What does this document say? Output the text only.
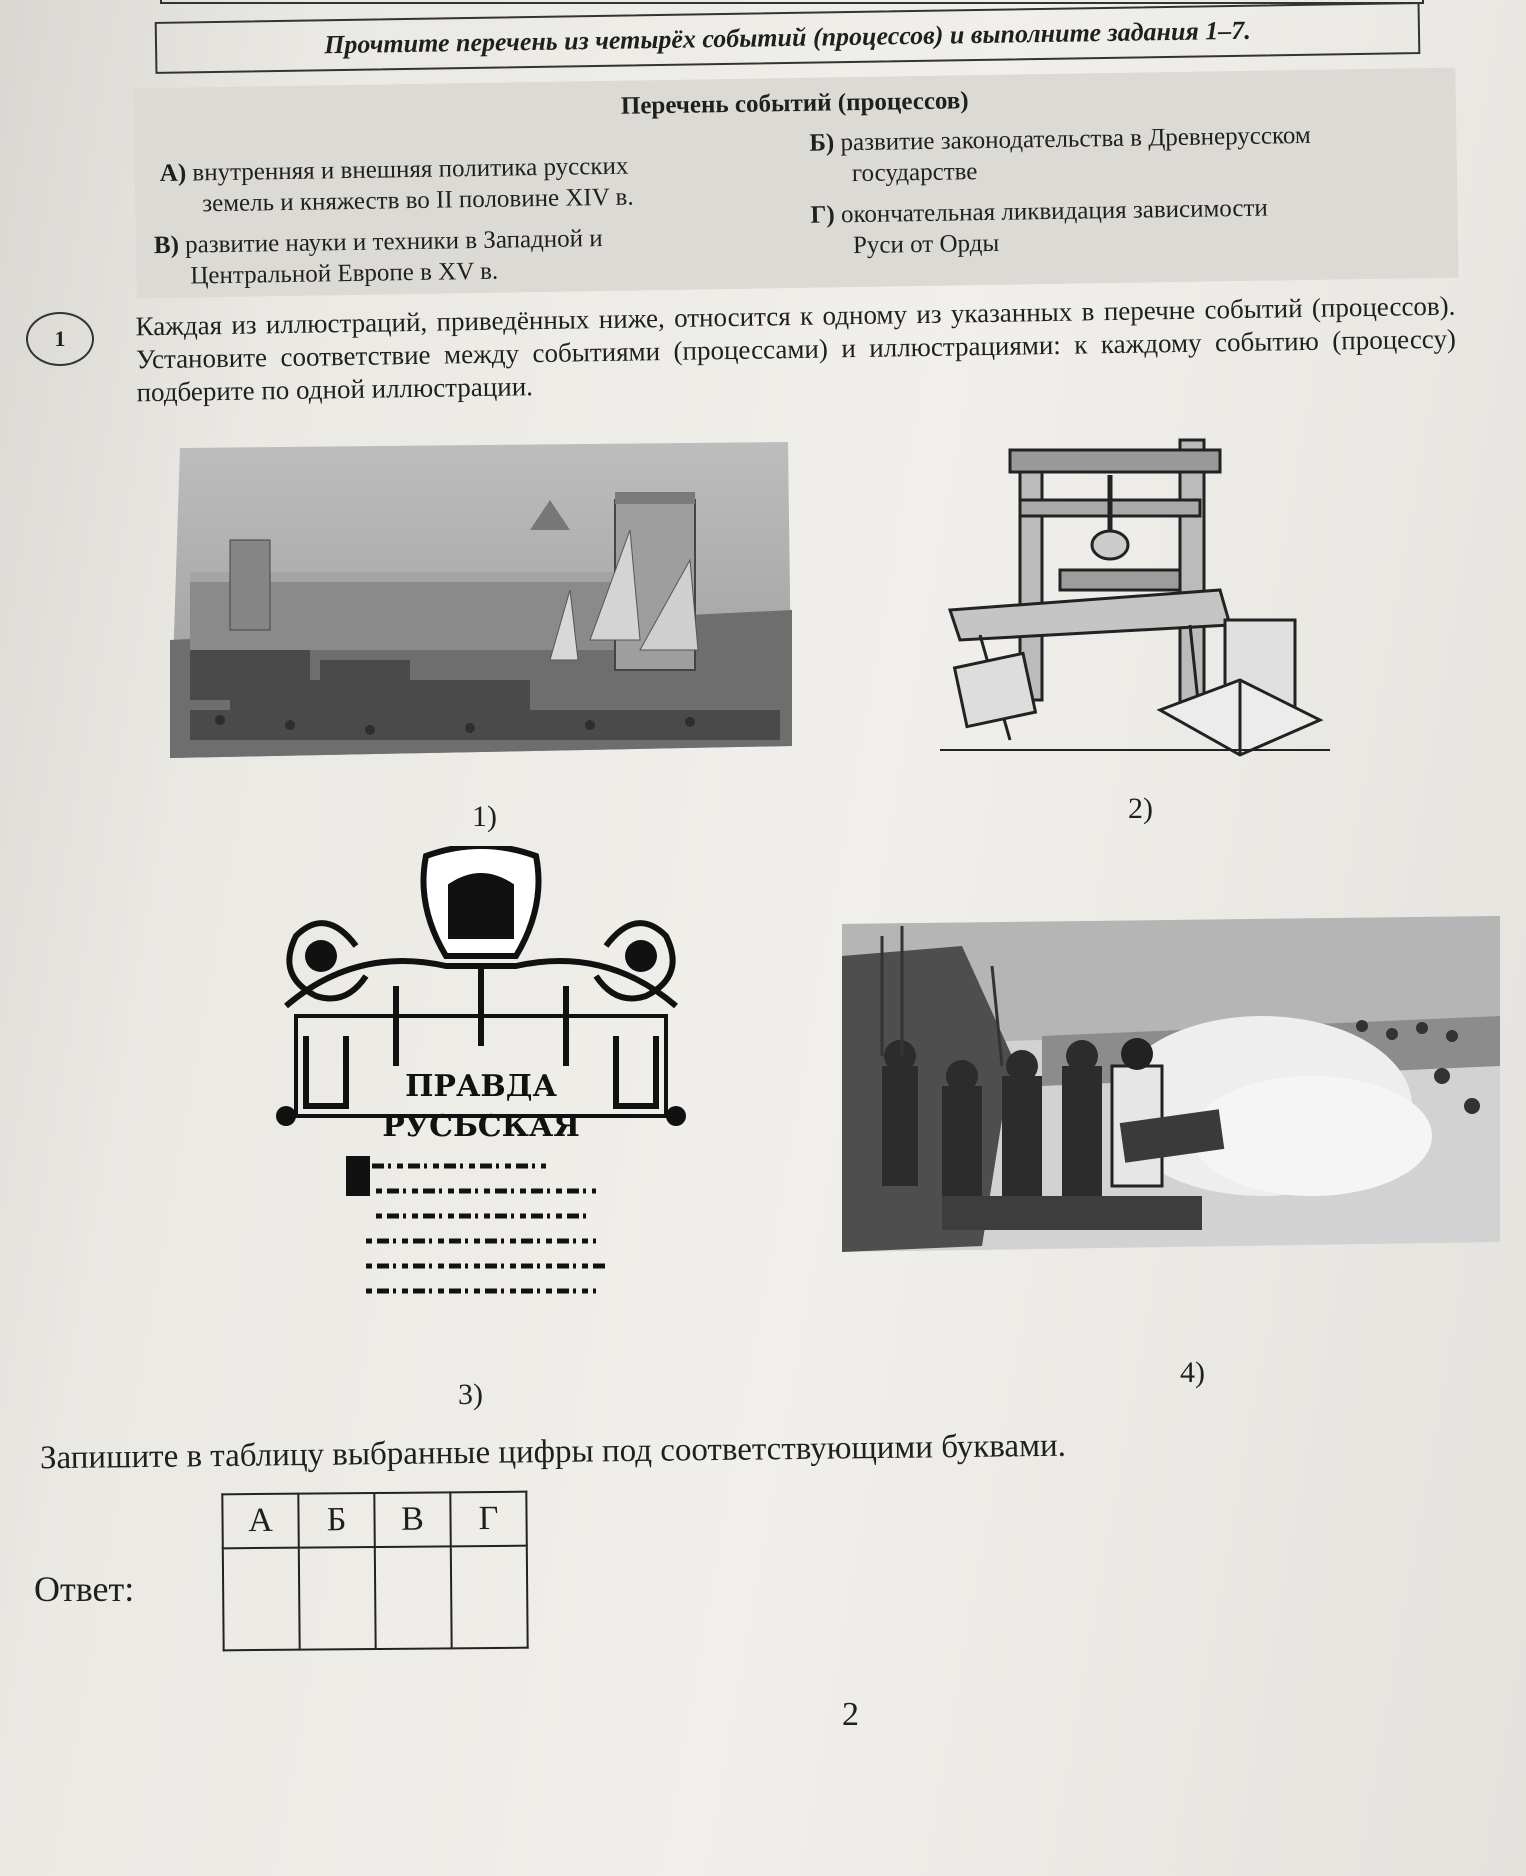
Прочтите перечень из четырёх событий (процессов) и выполните задания 1–7.
Перечень событий (процессов)
А) внутренняя и внешняя политика русских
земель и княжеств во II половине XIV в.
Б) развитие законодательства в Древнерусском
государстве
В) развитие науки и техники в Западной и
Центральной Европе в XV в.
Г) окончательная ликвидация зависимости
Руси от Орды
1	Каждая из иллюстраций, приведённых ниже, относится к одному из указанных в перечне событий (процессов). Установите соответствие между событиями (процессами) и иллюстрациями: к каждому событию (процессу) подберите по одной иллюстрации.
1)	2)
ПРАВДА
РУСЬСКАЯ
3)
4)
Запишите в таблицу выбранные цифры под соответствующими буквами.
Ответ:
А	Б	В	Г

2
